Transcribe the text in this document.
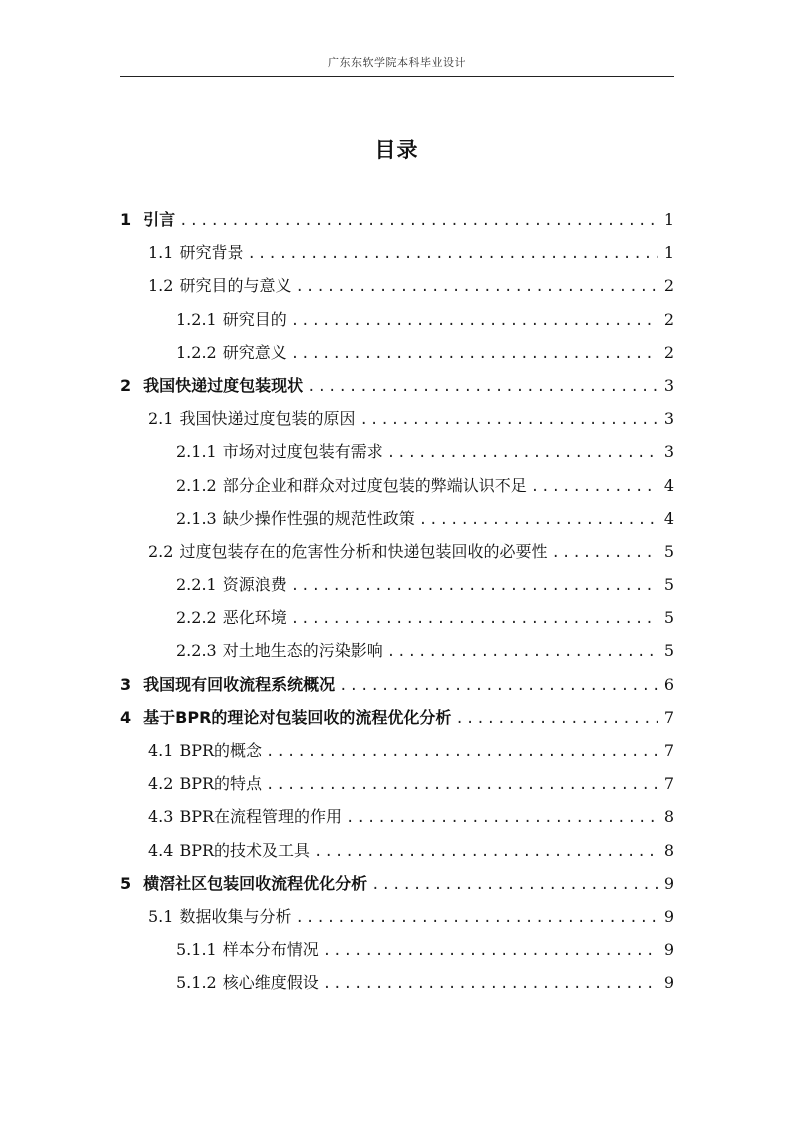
广东东软学院本科毕业设计
目录
1 引言 .....	1
1.1 研究背景 .....	1
1.2 研究目的与意义 .....	2
1.2.1 研究目的 .....	2
1.2.2 研究意义 .....	2
2 我国快递过度包装现状 .....	3
2.1 我国快递过度包装的原因 .....	3
2.1.1 市场对过度包装有需求 .....	3
2.1.2 部分企业和群众对过度包装的弊端认识不足 .....	4
2.1.3 缺少操作性强的规范性政策 .....	4
2.2 过度包装存在的危害性分析和快递包装回收的必要性 .....	5
2.2.1 资源浪费 .....	5
2.2.2 恶化环境 .....	5
2.2.3 对土地生态的污染影响 .....	5
3 我国现有回收流程系统概况 .....	6
4 基于BPR的理论对包装回收的流程优化分析 .....	7
4.1 BPR的概念 .....	7
4.2 BPR的特点 .....	7
4.3 BPR在流程管理的作用 .....	8
4.4 BPR的技术及工具 .....	8
5 横滘社区包装回收流程优化分析 .....	9
5.1 数据收集与分析 .....	9
5.1.1 样本分布情况 .....	9
5.1.2 核心维度假设 .....	9
